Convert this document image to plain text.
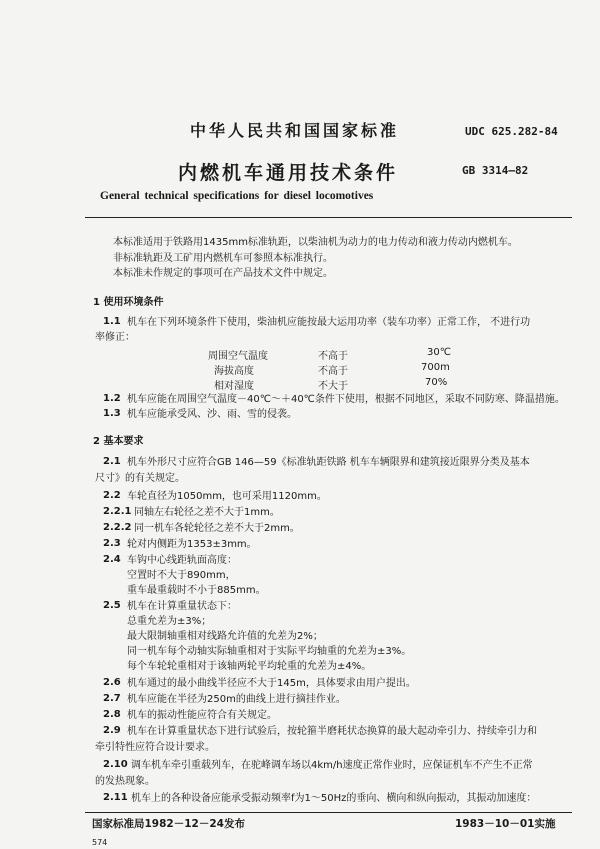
中华人民共和国国家标准	UDC 625.282-84
内燃机车通用技术条件	GB 3314—82
General technical specifications for diesel locomotives
本标准适用于铁路用1435mm标准轨距，以柴油机为动力的电力传动和液力传动内燃机车。
非标准轨距及工矿用内燃机车可参照本标准执行。
本标准未作规定的事项可在产品技术文件中规定。
1 使用环境条件
1.1 机车在下列环境条件下使用，柴油机应能按最大运用功率（装车功率）正常工作， 不进行功
率修正：
周围空气温度	不高于	30℃
海拔高度	不高于	700m
相对湿度	不大于	70%
1.2 机车应能在周围空气温度－40℃～＋40℃条件下使用，根据不同地区，采取不同防寒、降温措施。
1.3 机车应能承受风、沙、雨、雪的侵袭。
2 基本要求
2.1 机车外形尺寸应符合GB 146—59《标准轨距铁路 机车车辆限界和建筑接近限界分类及基本
尺寸》的有关规定。
2.2 车轮直径为1050mm，也可采用1120mm。
2.2.1 同轴左右轮径之差不大于1mm。
2.2.2 同一机车各轮轮径之差不大于2mm。
2.3 轮对内侧距为1353±3mm。
2.4 车钩中心线距轨面高度：
空置时不大于890mm，
重车最重载时不小于885mm。
2.5 机车在计算重量状态下：
总重允差为±3%；
最大限制轴重相对线路允许值的允差为2%；
同一机车每个动轴实际轴重相对于实际平均轴重的允差为±3%。
每个车轮轮重相对于该轴两轮平均轮重的允差为±4%。
2.6 机车通过的最小曲线半径应不大于145m，具体要求由用户提出。
2.7 机车应能在半径为250m的曲线上进行摘挂作业。
2.8 机车的振动性能应符合有关规定。
2.9 机车在计算重量状态下进行试验后，按轮箍半磨耗状态换算的最大起动牵引力、持续牵引力和
牵引特性应符合设计要求。
2.10 调车机车牵引重载列车，在驼峰调车场以4km/h速度正常作业时，应保证机车不产生不正常
的发热现象。
2.11 机车上的各种设备应能承受振动频率f为1～50Hz的垂向、横向和纵向振动，其振动加速度：
国家标准局1982－12－24发布	1983－10－01实施
574
